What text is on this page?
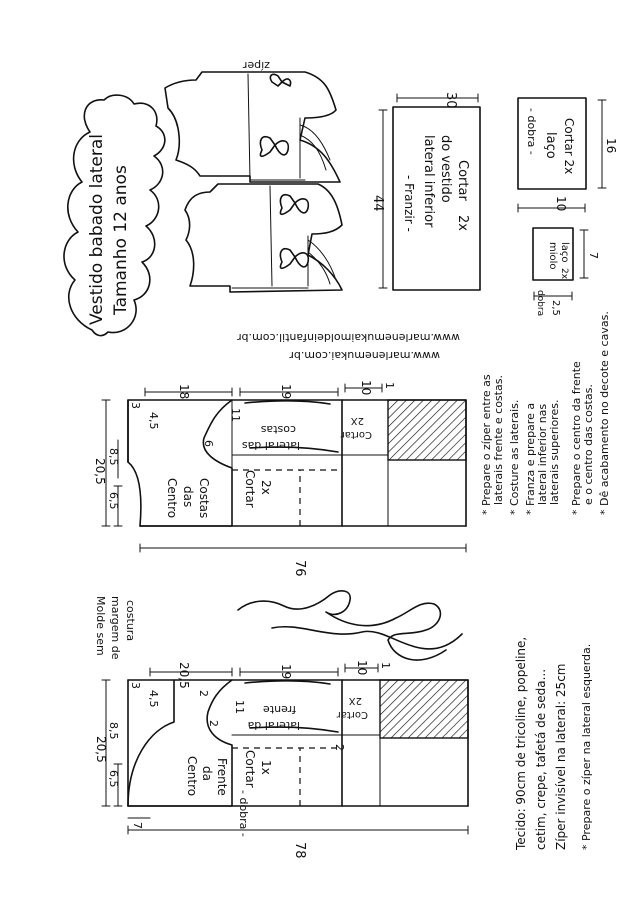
Vestido babado lateral Tamanho 12 anos
zíper
30
44 - Franzir - lateral inferior do vestido Cortar
2x
16
10
- dobra - laço Cortar 2x
2,5
7
dobra
miolo laço
2x
www.marlenemukai.com.br
www.marlenemukaimoldeinfantil.com.br
20,5
6,5
8,5
4,5
3
6
11
18	19	10 1
76
Centro das Costas	Cortar 2x
lateral das
costas	Cortar
2X
Molde sem margem de costura
20,5
6,5
8,5
4,5
3
2
2
11
20,5	19	10 1
2
7
78
Centro da Frente Cortar 1x
- dobra -
lateral da
frente	Cortar
2X	Tecido: 90cm de tricoline, popeline, cetim, crepe, tafetá de seda... Zíper invisível na lateral: 25cm * Prepare o zíper na lateral esquerda.
* Prepare o zíper entre as laterais frente e costas. * Costure as laterais. * Franza e prepare a lateral inferior nas laterais superiores. * Prepare o centro da frente e o centro das costas. * Dê acabamento no decote e cavas.
